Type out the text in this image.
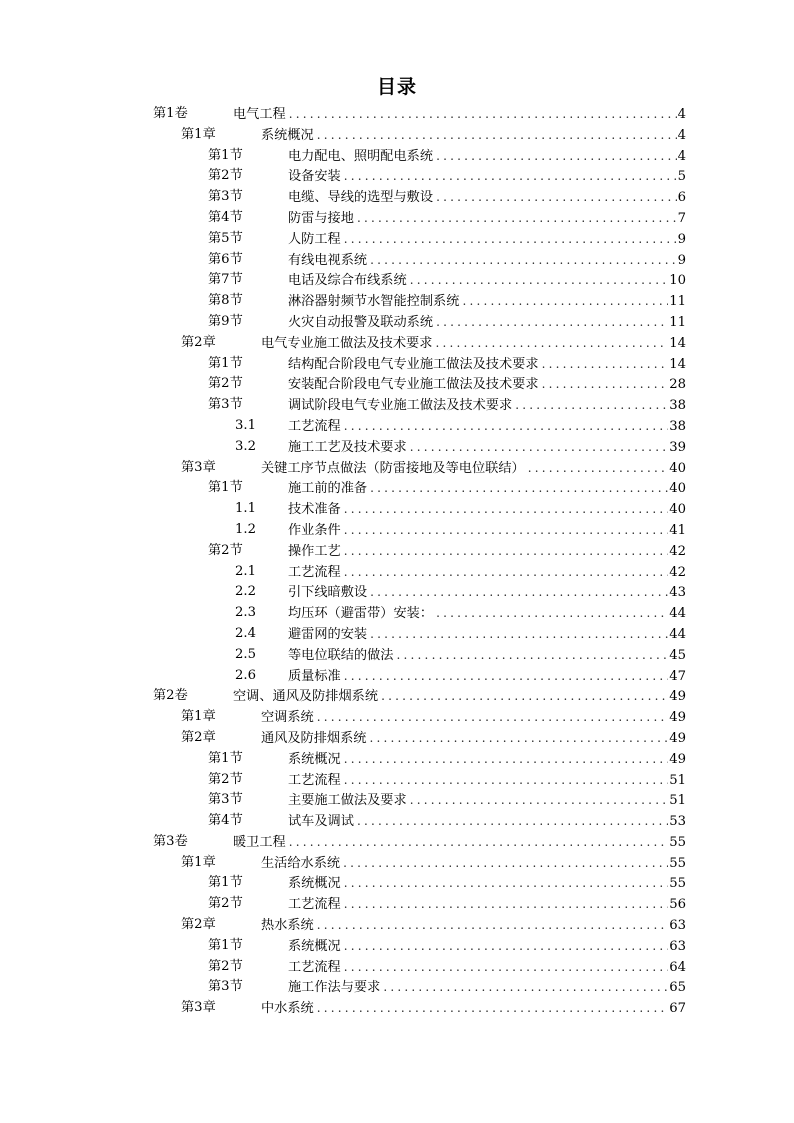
目录
第1卷	电气工程 .....	4
第1章	系统概况 .....	4
第1节	电力配电、照明配电系统 .....	4
第2节	设备安装 .....	5
第3节	电缆、导线的选型与敷设 .....	6
第4节	防雷与接地 .....	7
第5节	人防工程 .....	9
第6节	有线电视系统 .....	9
第7节	电话及综合布线系统 .....	10
第8节	淋浴器射频节水智能控制系统 .....	11
第9节	火灾自动报警及联动系统 .....	11
第2章	电气专业施工做法及技术要求 .....	14
第1节	结构配合阶段电气专业施工做法及技术要求 .....	14
第2节	安装配合阶段电气专业施工做法及技术要求 .....	28
第3节	调试阶段电气专业施工做法及技术要求 .....	38
3.1 工艺流程 .....	38
3.2 施工工艺及技术要求 .....	39
第3章	关键工序节点做法（防雷接地及等电位联结） .....	40
第1节	施工前的准备 .....	40
1.1 技术准备 .....	40
1.2 作业条件 .....	41
第2节	操作工艺 .....	42
2.1 工艺流程 .....	42
2.2 引下线暗敷设 .....	43
2.3 均压环（避雷带）安装： .....	44
2.4 避雷网的安装 .....	44
2.5 等电位联结的做法 .....	45
2.6 质量标准 .....	47
第2卷	空调、通风及防排烟系统 .....	49
第1章	空调系统 .....	49
第2章	通风及防排烟系统 .....	49
第1节	系统概况 .....	49
第2节	工艺流程 .....	51
第3节	主要施工做法及要求 .....	51
第4节	试车及调试 .....	53
第3卷	暖卫工程 .....	55
第1章	生活给水系统 .....	55
第1节	系统概况 .....	55
第2节	工艺流程 .....	56
第2章	热水系统 .....	63
第1节	系统概况 .....	63
第2节	工艺流程 .....	64
第3节	施工作法与要求 .....	65
第3章	中水系统 .....	67
